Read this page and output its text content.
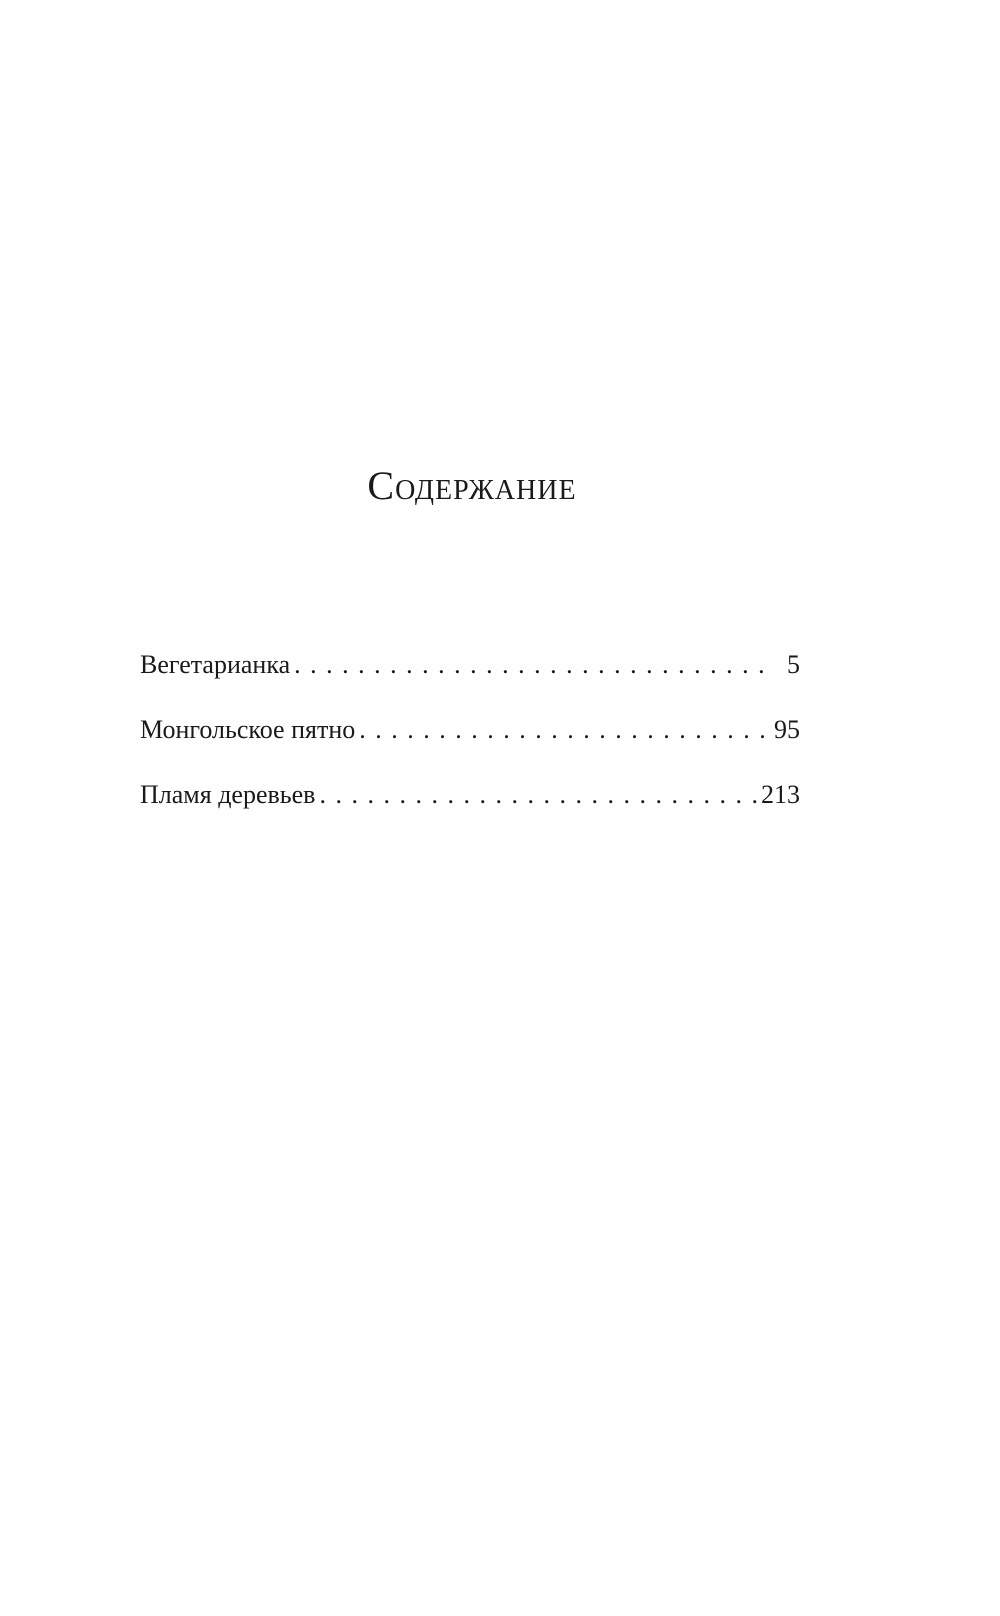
Содержание
Вегетарианка . . .	5
Монгольское пятно . . .	95
Пламя деревьев . . .	213
